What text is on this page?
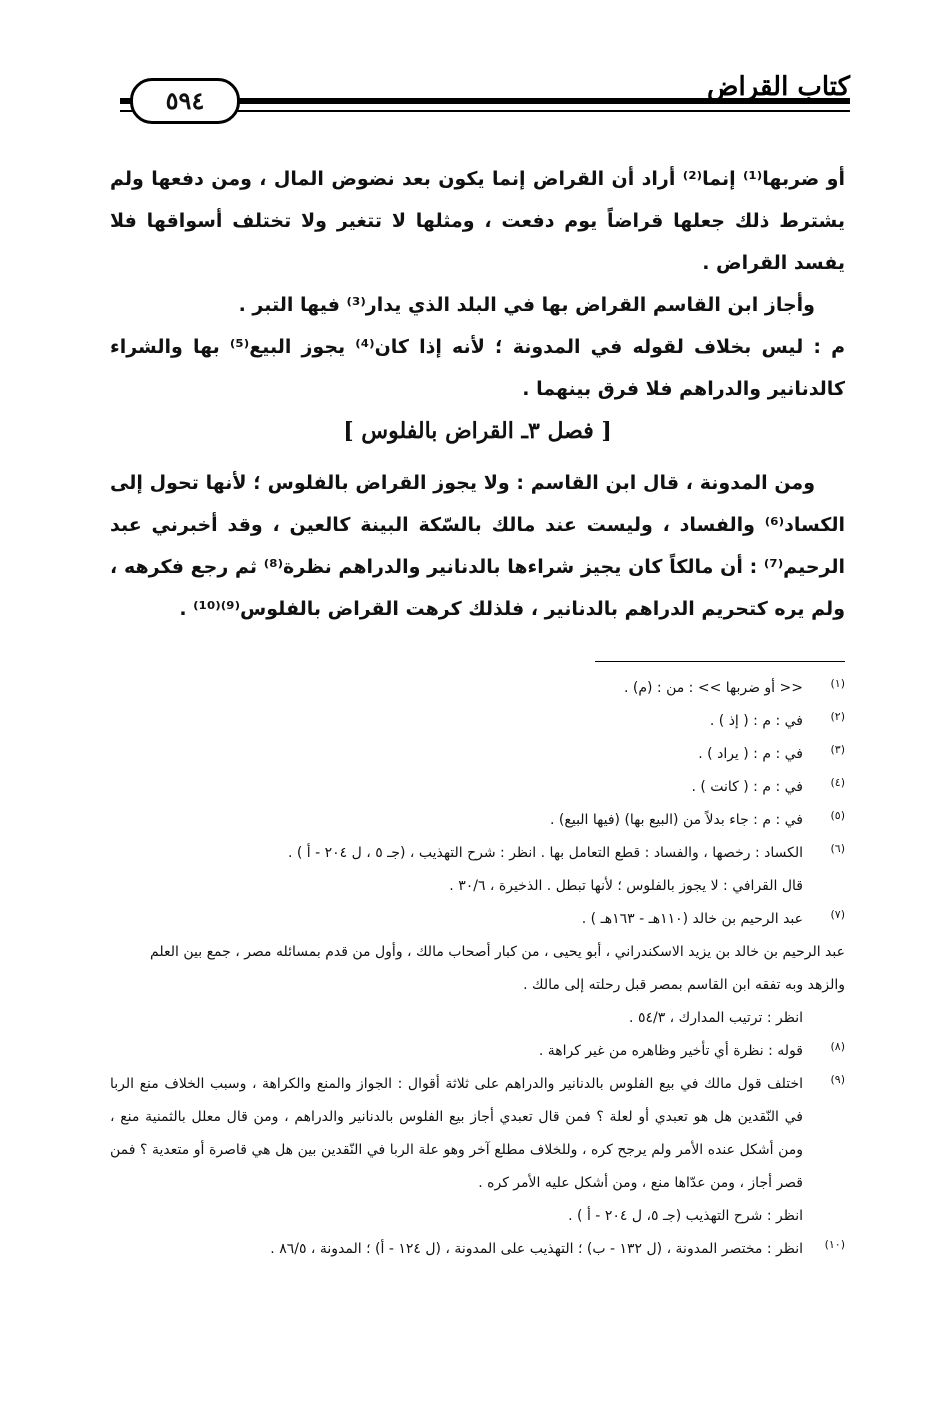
كتاب القراض
٥٩٤

أو ضربها⁽¹⁾ إنما⁽²⁾ أراد أن القراض إنما يكون بعد نضوض المال ، ومن دفعها ولم يشترط ذلك جعلها قراضاً يوم دفعت ، ومثلها لا تتغير ولا تختلف أسواقها فلا يفسد القراض .

وأجاز ابن القاسم القراض بها في البلد الذي يدار⁽³⁾ فيها التبر .

م : ليس بخلاف لقوله في المدونة ؛ لأنه إذا كان⁽⁴⁾ يجوز البيع⁽⁵⁾ بها والشراء كالدنانير والدراهم فلا فرق بينهما .

[ فصل ٣ـ القراض بالفلوس ]

ومن المدونة ، قال ابن القاسم : ولا يجوز القراض بالفلوس ؛ لأنها تحول إلى الكساد⁽⁶⁾ والفساد ، وليست عند مالك بالسّكة البينة كالعين ، وقد أخبرني عبد الرحيم⁽⁷⁾ : أن مالكاً كان يجيز شراءها بالدنانير والدراهم نظرة⁽⁸⁾ ثم رجع فكرهه ، ولم يره كتحريم الدراهم بالدنانير ، فلذلك كرهت القراض بالفلوس⁽⁹⁾⁽¹⁰⁾ .

(١)

<< أو ضربها >> : من : (م) .

(٢)

في : م : ( إذ ) .

(٣)

في : م : ( يراد ) .

(٤)

في : م : ( كانت ) .

(٥)

في : م : جاء بدلاً من (البيع بها) (فيها البيع) .

(٦)

الكساد : رخصها ، والفساد : قطع التعامل بها . انظر : شرح التهذيب ، (جـ ٥ ، ل ٢٠٤ - أ ) .

قال القرافي : لا يجوز بالفلوس ؛ لأنها تبطل . الذخيرة ، ٣٠/٦ .

(٧)

عبد الرحيم بن خالد (١١٠هـ - ١٦٣هـ ) .

عبد الرحيم بن خالد بن يزيد الاسكندراني ، أبو يحيى ، من كبار أصحاب مالك ، وأول من قدم بمسائله مصر ، جمع بين العلم والزهد وبه تفقه ابن القاسم بمصر قبل رحلته إلى مالك .

انظر : ترتيب المدارك ، ٥٤/٣ .

(٨)

قوله : نظرة أي تأخير وظاهره من غير كراهة .

(٩)

اختلف قول مالك في بيع الفلوس بالدنانير والدراهم على ثلاثة أقوال : الجواز والمنع والكراهة ، وسبب الخلاف منع الربا في النّقدين هل هو تعبدي أو لعلة ؟ فمن قال تعبدي أجاز بيع الفلوس بالدنانير والدراهم ، ومن قال معلل بالثمنية منع ، ومن أشكل عنده الأمر ولم يرجح كره ، وللخلاف مطلع آخر وهو علة الربا في النّقدين بين هل هي قاصرة أو متعدية ؟ فمن قصر أجاز ، ومن عدّاها منع ، ومن أشكل عليه الأمر كره .

انظر : شرح التهذيب (جـ ٥، ل ٢٠٤ - أ ) .

(١٠)

انظر : مختصر المدونة ، (ل ١٣٢ - ب) ؛ التهذيب على المدونة ، (ل ١٢٤ - أ) ؛ المدونة ، ٨٦/٥ .
